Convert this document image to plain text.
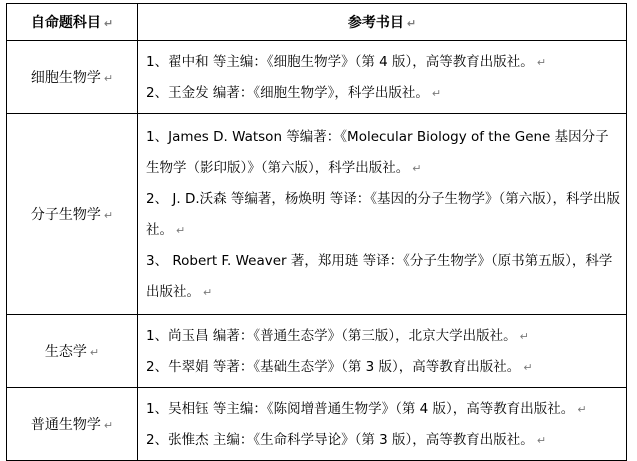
自命题科目 ↵	参考书目 ↵
细胞生物学 ↵	1、翟中和 等主编：《细胞生物学》（第 4 版），高等教育出版社。 ↵
2、王金发 编著：《细胞生物学》，科学出版社。 ↵

分子生物学 ↵	1、James D. Watson 等编著：《Molecular Biology of the Gene 基因分子生物学（影印版）》（第六版），科学出版社。 ↵
2、 J. D.沃森 等编著，杨焕明 等译：《基因的分子生物学》（第六版），科学出版社。 ↵
3、 Robert F. Weaver 著，郑用琏 等译：《分子生物学》（原书第五版），科学出版社。 ↵

生态学 ↵	1、尚玉昌 编著：《普通生态学》（第三版），北京大学出版社。 ↵
2、牛翠娟 等著：《基础生态学》（第 3 版），高等教育出版社。 ↵

普通生物学 ↵	1、吴相钰 等主编：《陈阅增普通生物学》（第 4 版），高等教育出版社。 ↵
2、张惟杰 主编：《生命科学导论》（第 3 版），高等教育出版社。 ↵
